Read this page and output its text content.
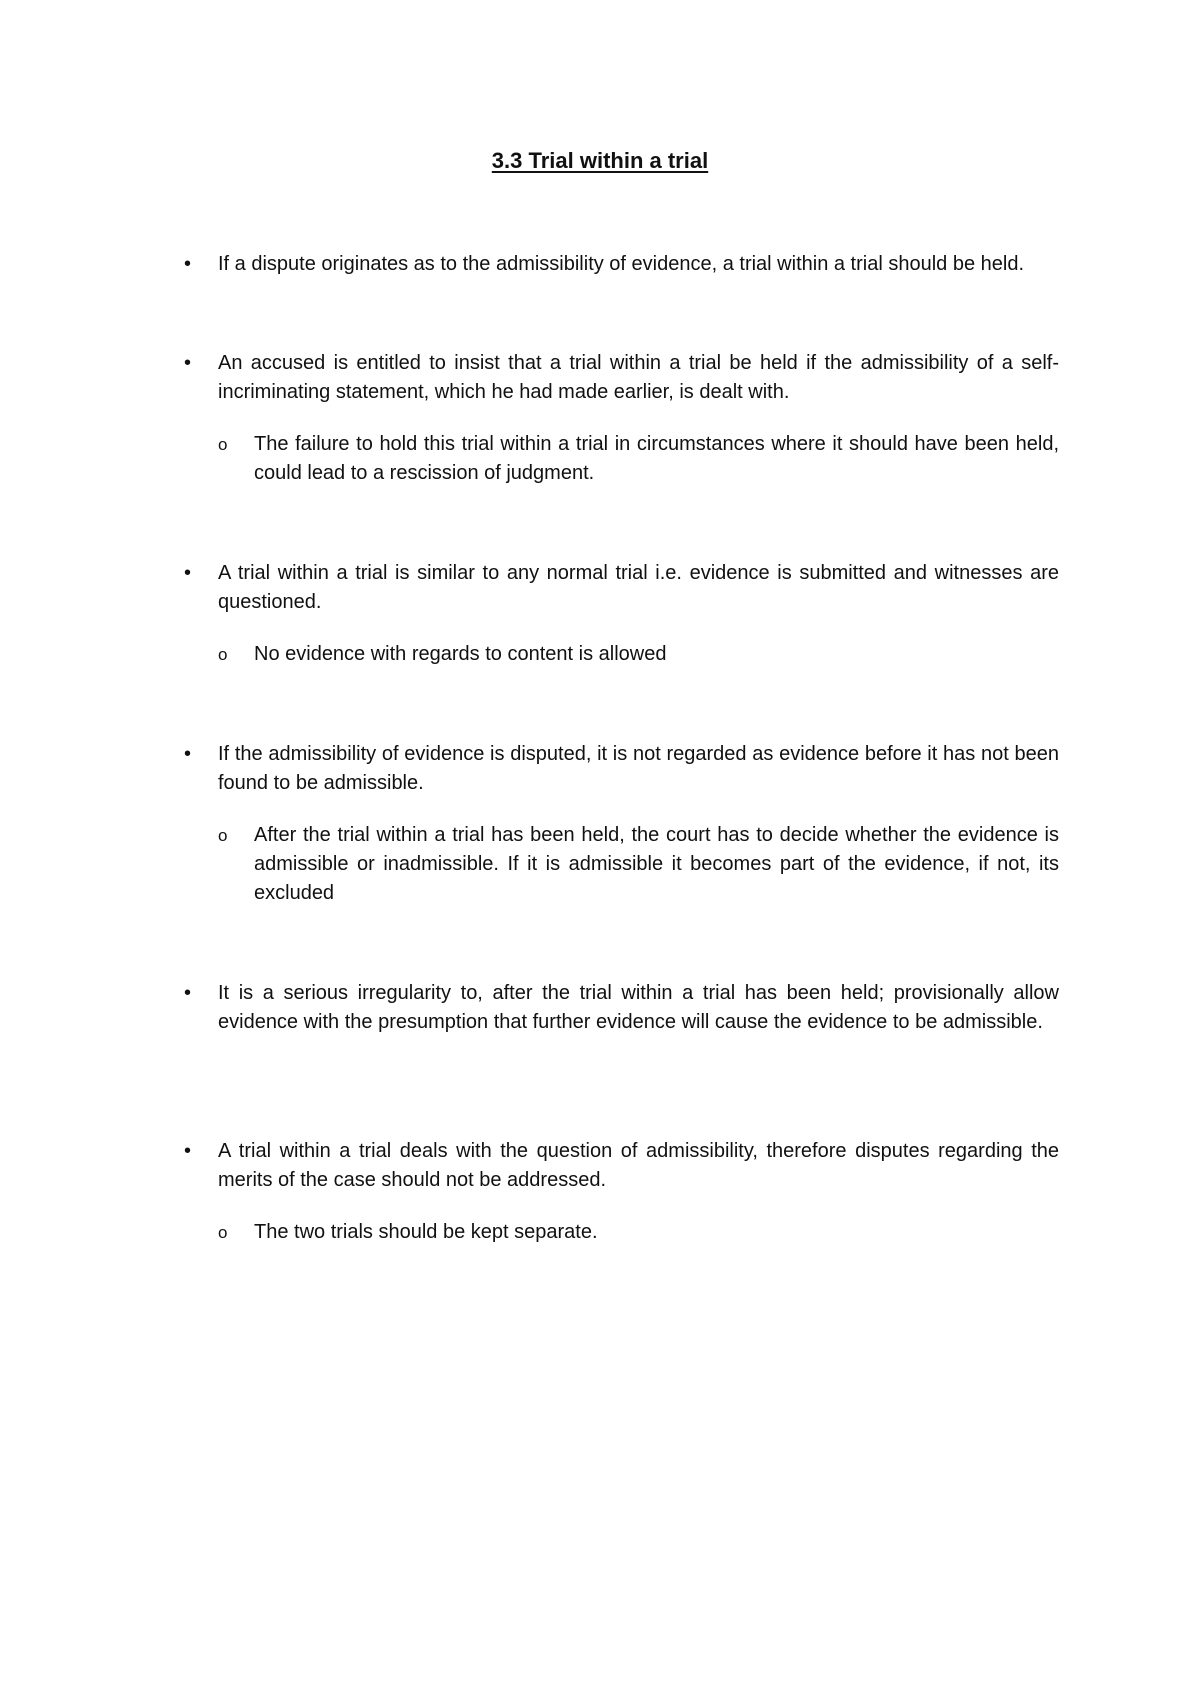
3.3 Trial within a trial
•	If a dispute originates as to the admissibility of evidence, a trial within a trial should be held.
•	An accused is entitled to insist that a trial within a trial be held if the admissibility of a self-incriminating statement, which he had made earlier, is dealt with.
o	The failure to hold this trial within a trial in circumstances where it should have been held, could lead to a rescission of judgment.
•	A trial within a trial is similar to any normal trial i.e. evidence is submitted and witnesses are questioned.
o	No evidence with regards to content is allowed
•	If the admissibility of evidence is disputed, it is not regarded as evidence before it has not been found to be admissible.
o	After the trial within a trial has been held, the court has to decide whether the evidence is admissible or inadmissible. If it is admissible it becomes part of the evidence, if not, its excluded
•	It is a serious irregularity to, after the trial within a trial has been held; provisionally allow evidence with the presumption that further evidence will cause the evidence to be admissible.
•	A trial within a trial deals with the question of admissibility, therefore disputes regarding the merits of the case should not be addressed.
o	The two trials should be kept separate.
